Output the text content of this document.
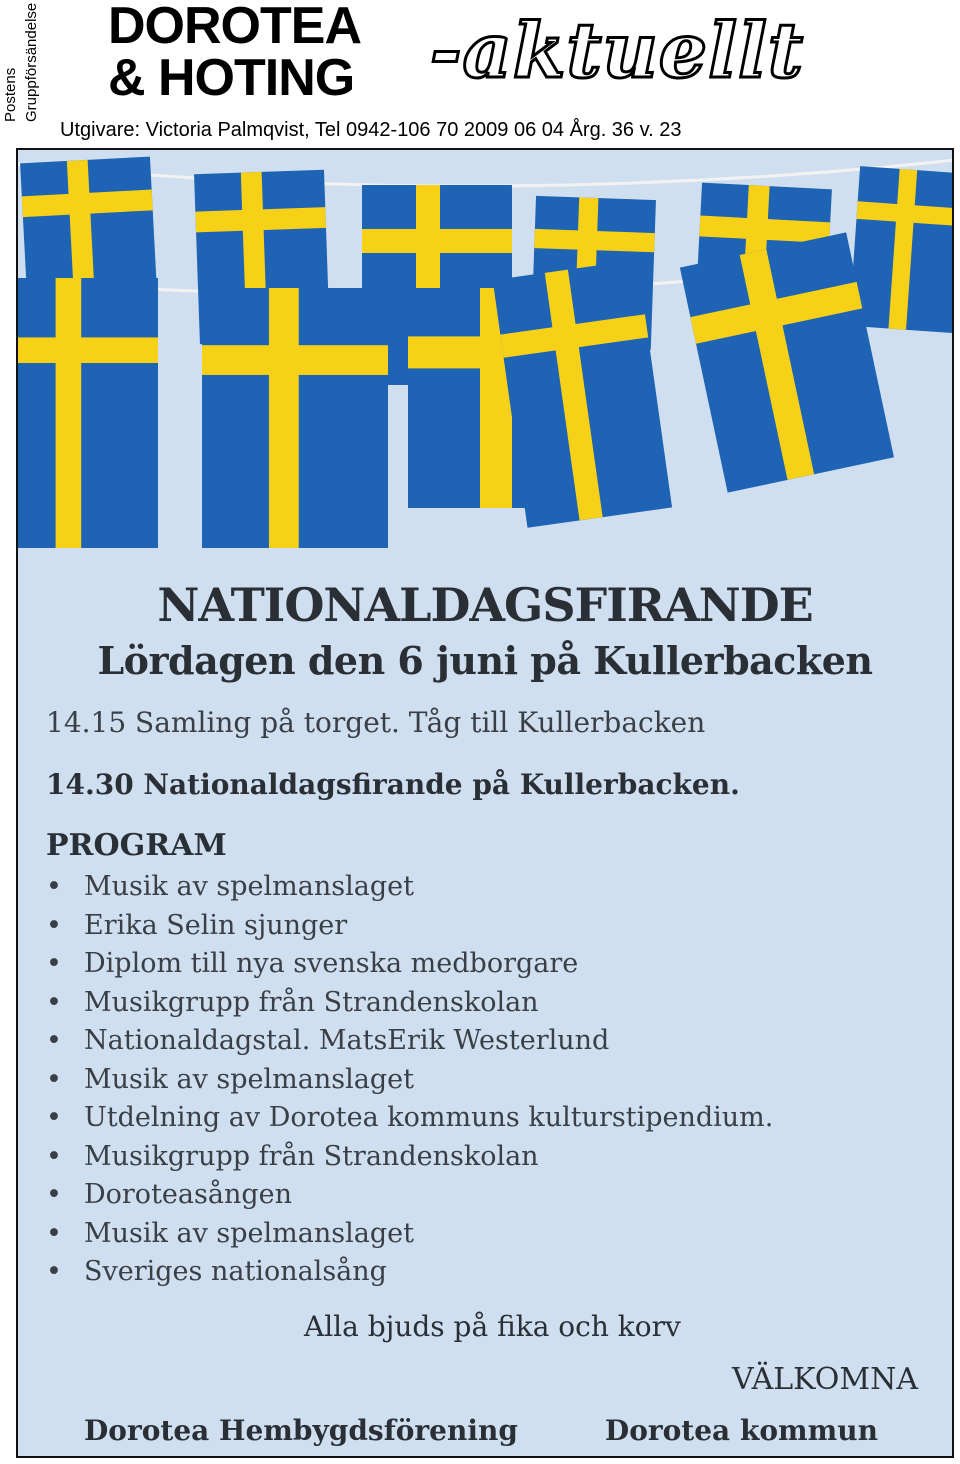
Postens Gruppförsändelse DOROTEA
& HOTING -aktuellt
Utgivare: Victoria Palmqvist, Tel 0942-106 70 2009 06 04 Årg. 36 v. 23
NATIONALDAGSFIRANDE
Lördagen den 6 juni på Kullerbacken
14.15 Samling på torget. Tåg till Kullerbacken
14.30 Nationaldagsfirande på Kullerbacken.
PROGRAM
• Musik av spelmanslaget
• Erika Selin sjunger
• Diplom till nya svenska medborgare
• Musikgrupp från Strandenskolan
• Nationaldagstal. MatsErik Westerlund
• Musik av spelmanslaget
• Utdelning av Dorotea kommuns kulturstipendium.
• Musikgrupp från Strandenskolan
• Doroteasången
• Musik av spelmanslaget
• Sveriges nationalsång
Alla bjuds på fika och korv
VÄLKOMNA
Dorotea Hembygdsförening	Dorotea kommun
